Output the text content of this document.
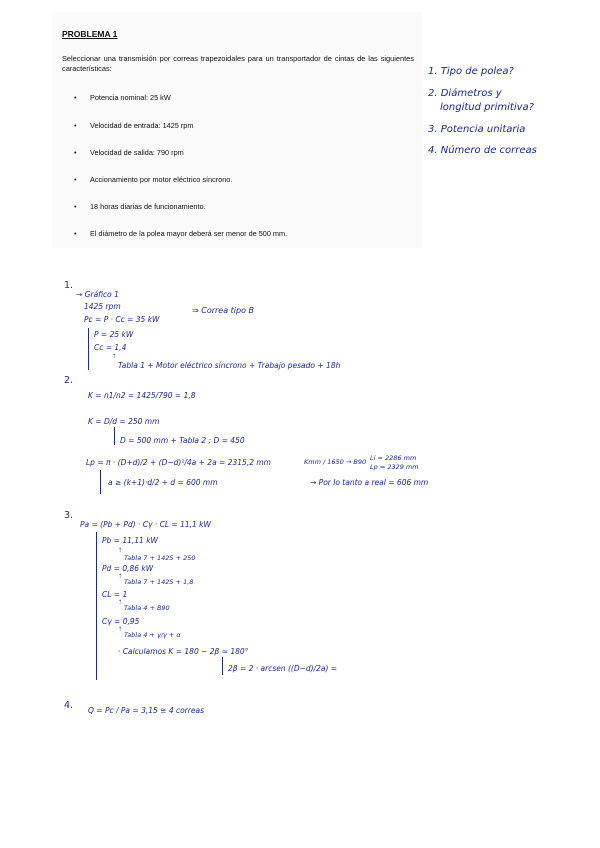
PROBLEMA 1
Seleccionar una transmisión por correas trapezoidales para un transportador de cintas de las siguientes características:
• Potencia nominal: 25 kW
• Velocidad de entrada: 1425 rpm
• Velocidad de salida: 790 rpm
• Accionamiento por motor eléctrico síncrono.
• 18 horas diarias de funcionamiento.
• El diámetro de la polea mayor deberá ser menor de 500 mm.
1. Tipo de polea?
2. Diámetros y
longitud primitiva?
3. Potencia unitaria
4. Número de correas
1.
→ Gráfico 1
1425 rpm
Pc = P · Cc = 35 kW
⇒ Correa tipo B
P = 25 kW
Cc = 1,4
↑
Tabla 1 + Motor eléctrico síncrono + Trabajo pesado + 18h
2.
K = n1/n2 = 1425/790 = 1,8
K = D/d = 250 mm
D = 500 mm + Tabla 2 ; D = 450
Lp = π · (D+d)/2 + (D−d)²/4a + 2a = 2315,2 mm	Kmm / 1650 → B90 Li = 2286 mm
Lp = 2329 mm
a ≥ (k+1)·d/2 + d = 600 mm	→ Por lo tanto a real = 606 mm
3.
Pa = (Pb + Pd) · Cγ · CL = 11,1 kW
Pb = 11,11 kW
↑
Tabla 7 + 1425 + 250
Pd = 0,86 kW
↑
Tabla 7 + 1425 + 1,8
CL = 1
↑
Tabla 4 + B90
Cγ = 0,95
↑
Tabla 4 + γ/γ + α
· Calculamos K = 180 − 2β ≈ 180°
2β = 2 · arcsen ((D−d)/2a) =
4. Q = Pc / Pa = 3,15 ≅ 4 correas
